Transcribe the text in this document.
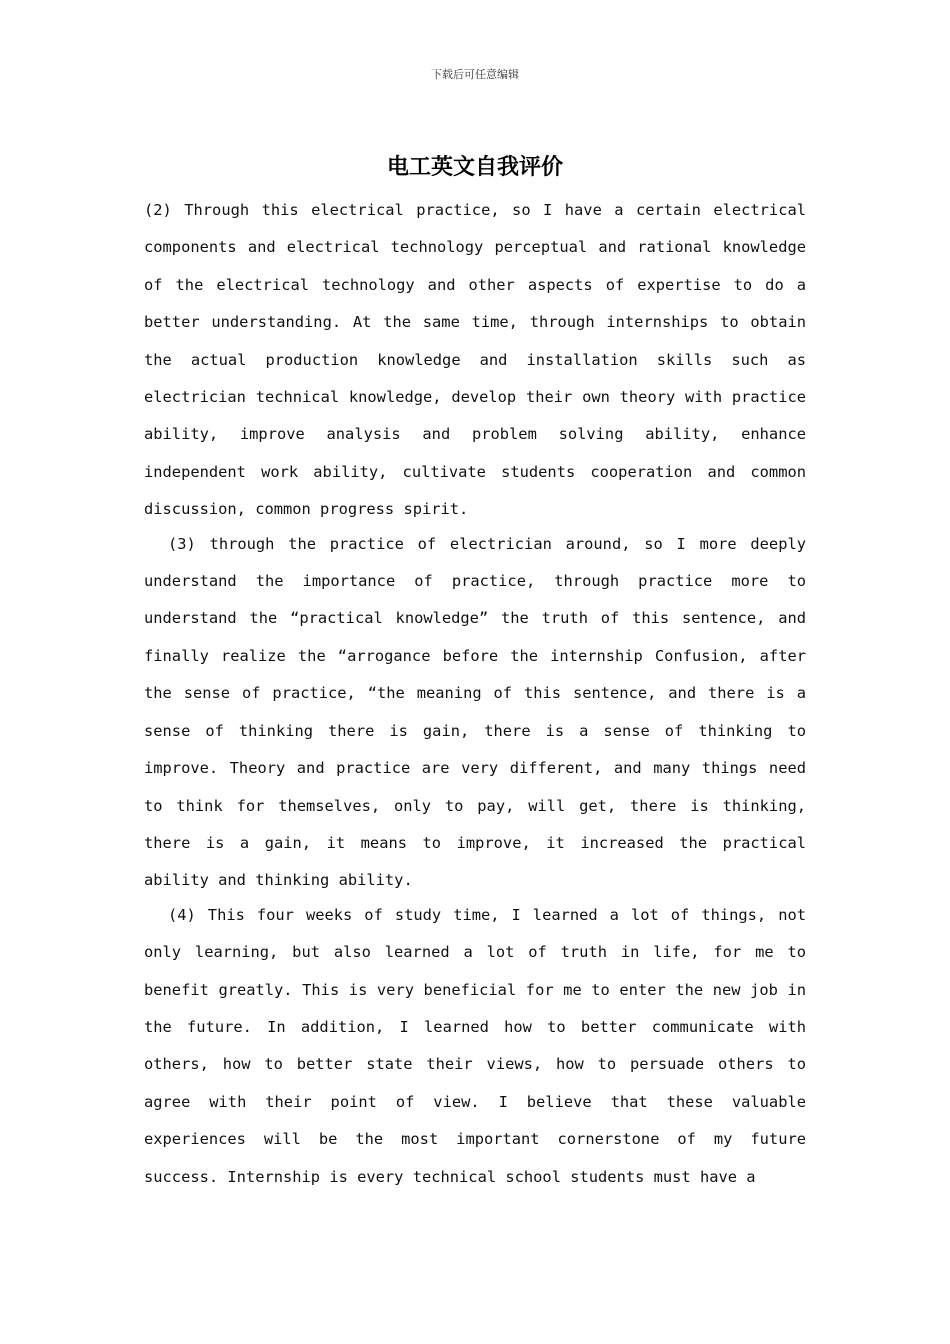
下载后可任意编辑
电工英文自我评价

(2) Through this electrical practice, so I have a certain electrical components and electrical technology perceptual and rational knowledge of the electrical technology and other aspects of expertise to do a better understanding. At the same time, through internships to obtain the actual production knowledge and installation skills such as electrician technical knowledge, develop their own theory with practice ability, improve analysis and problem solving ability, enhance independent work ability, cultivate students cooperation and common discussion, common progress spirit.

(3) through the practice of electrician around, so I more deeply understand the importance of practice, through practice more to understand the “practical knowledge” the truth of this sentence, and finally realize the “arrogance before the internship Confusion, after the sense of practice, “the meaning of this sentence, and there is a sense of thinking there is gain, there is a sense of thinking to improve. Theory and practice are very different, and many things need to think for themselves, only to pay, will get, there is thinking, there is a gain, it means to improve, it increased the practical ability and thinking ability.

(4) This four weeks of study time, I learned a lot of things, not only learning, but also learned a lot of truth in life, for me to benefit greatly. This is very beneficial for me to enter the new job in the future. In addition, I learned how to better communicate with others, how to better state their views, how to persuade others to agree with their point of view. I believe that these valuable experiences will be the most important cornerstone of my future success. Internship is every technical school students must have a
